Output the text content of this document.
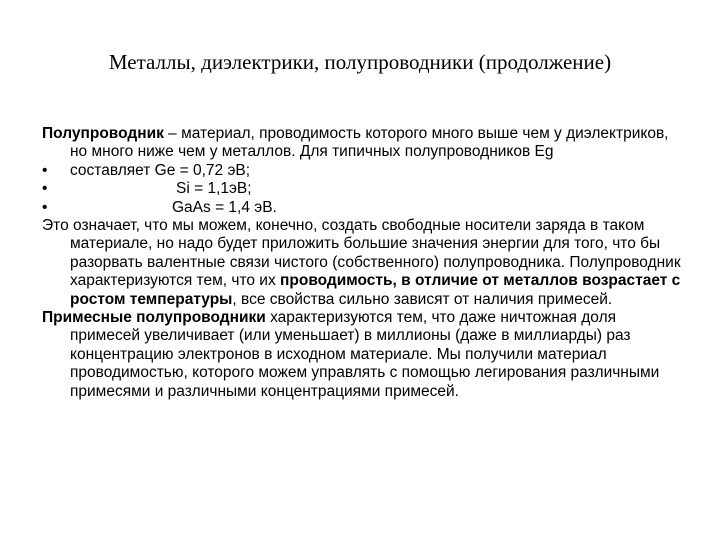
Металлы, диэлектрики, полупроводники (продолжение)

Полупроводник – материал, проводимость которого много выше чем у диэлектриков, но много ниже чем у металлов. Для типичных полупроводников Eg

•	составляет Ge = 0,72 эВ;
•	Si = 1,1эВ;
•	GaAs = 1,4 эВ.

Это означает, что мы можем, конечно, создать свободные носители заряда в таком материале, но надо будет приложить большие значения энергии для того, что бы разорвать валентные связи чистого (собственного) полупроводника. Полупроводник характеризуются тем, что их проводимость, в отличие от металлов возрастает с ростом температуры, все свойства сильно зависят от наличия примесей.

Примесные полупроводники характеризуются тем, что даже ничтожная доля примесей увеличивает (или уменьшает) в миллионы (даже в миллиарды) раз концентрацию электронов в исходном материале. Мы получили материал проводимостью, которого можем управлять с помощью легирования различными примесями и различными концентрациями примесей.
